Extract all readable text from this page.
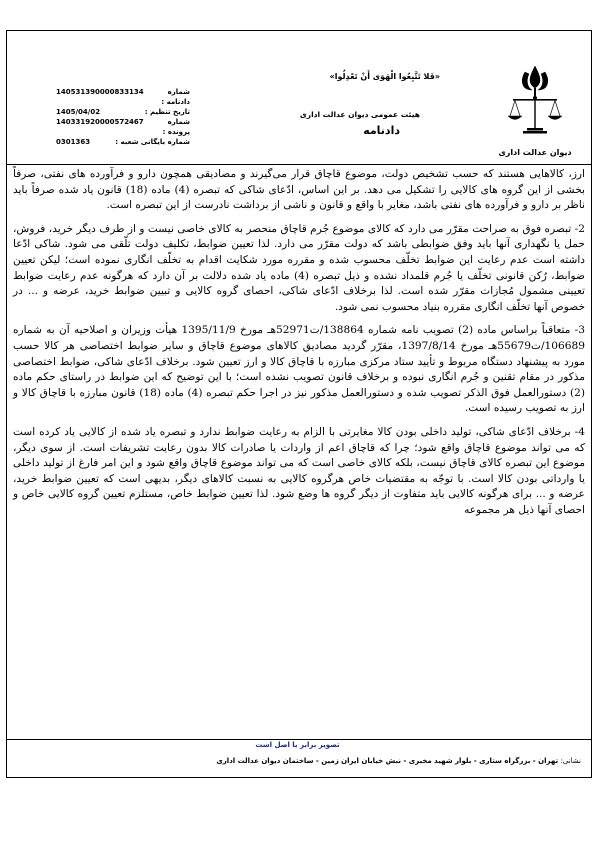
دیوان عدالت اداری
«فَلا تَتَّبِعُوا الْهَوَى أَنْ تَعْدِلُوا»
هیئت عمومی دیوان عدالت اداری
دادنامه
140531390000833134	شماره دادنامه :
1405/04/02	تاریخ تنظیم :
140331920000572467	شماره پرونده :
0301363	شماره بایگانی شعبه :

ارز، کالاهایی هستند که حسب تشخیص دولت، موضوع قاچاق قرار می‌گیرند و مصادیقی همچون دارو و فرآورده های نفتی، صرفاً بخشی از این گروه های کالایی را تشکیل می دهد. بر این اساس، ادّعای شاکی که تبصره (4) ماده (18) قانون یاد شده صرفاً باید ناظر بر دارو و فرآورده های نفتی باشد، مغایر با واقع و قانون و ناشی از برداشت نادرست از این تبصره است.

2- تبصره فوق به صراحت مقرّر می دارد که کالای موضوع جُرم قاچاق منحصر به کالای خاصی نیست و از طرف دیگر خرید، فروش، حمل یا نگهداری آنها باید وفق ضوابطی باشد که دولت مقرّر می دارد. لذا تعیین ضوابط، تکلیف دولت تلّقی می شود. شاکی ادّعا داشته است عدم رعایت این ضوابط تخلّف محسوب شده و مقرره مورد شکایت اقدام به تخلّف انگاری نموده است؛ لیکن تعیین ضوابط، رُکن قانونی تخلّف یا جُرم قلمداد نشده و ذیل تبصره (4) ماده یاد شده دلالت بر آن دارد که هرگونه عدم رعایت ضوابط تعیینی مشمول مُجازات مقرّر شده است. لذا برخلاف ادّعای شاکی، احصای گروه کالایی و تبیین ضوابط خرید، عرضه و ... در خصوص آنها تخلّف انگاری مقرره بنیاد محسوب نمی شود.

3- متعاقباً براساس ماده (2) تصویب نامه شماره 138864/ت52971هـ مورخ 1395/11/9 هیأت وزیران و اصلاحیه آن به شماره 106689/ت55679هـ مورخ 1397/8/14، مقرّر گردید مصادیق کالاهای موضوع قاچاق و سایر ضوابط اختصاصی هر کالا حسب مورد به پیشنهاد دستگاه مربوط و تأیید ستاد مرکزی مبارزه با قاچاق کالا و ارز تعیین شود. برخلاف ادّعای شاکی، ضوابط اختصاصی مذکور در مقام تقنین و جُرم انگاری نبوده و برخلاف قانون تصویب نشده است؛ با این توضیح که این ضوابط در راستای حکم ماده (2) دستورالعمل فوق الذکر تصویب شده و دستورالعمل مذکور نیز در اجرا حکم تبصره (4) ماده (18) قانون مبارزه با قاچاق کالا و ارز به تصویب رسیده است.

4- برخلاف ادّعای شاکی، تولید داخلی بودن کالا مغایرتی با الزام به رعایت ضوابط ندارد و تبصره یاد شده از کالایی یاد کرده است که می تواند موضوع قاچاق واقع شود؛ چرا که قاچاق اعم از واردات یا صادرات کالا بدون رعایت تشریفات است. از سوی دیگر، موضوع این تبصره کالای قاچاق نیست، بلکه کالای خاصی است که می تواند موضوع قاچاق واقع شود و این امر فارغ از تولید داخلی یا وارداتی بودن کالا است. با توجّه به مقتضیات خاص هرگروه کالایی به نسبت کالاهای دیگر، بدیهی است که تعیین ضوابط خرید، عرضه و ... برای هرگونه کالایی باید متفاوت از دیگر گروه ها وضع شود. لذا تعیین ضوابط خاص، مستلزم تعیین گروه کالایی خاص و احصای آنها ذیل هر مجموعه

تصویر برابر با اصل است
نشانی: تهران - بزرگراه ستاری - بلوار شهید مخبری - نبش خیابان ایران زمین - ساختمان دیوان عدالت اداری
